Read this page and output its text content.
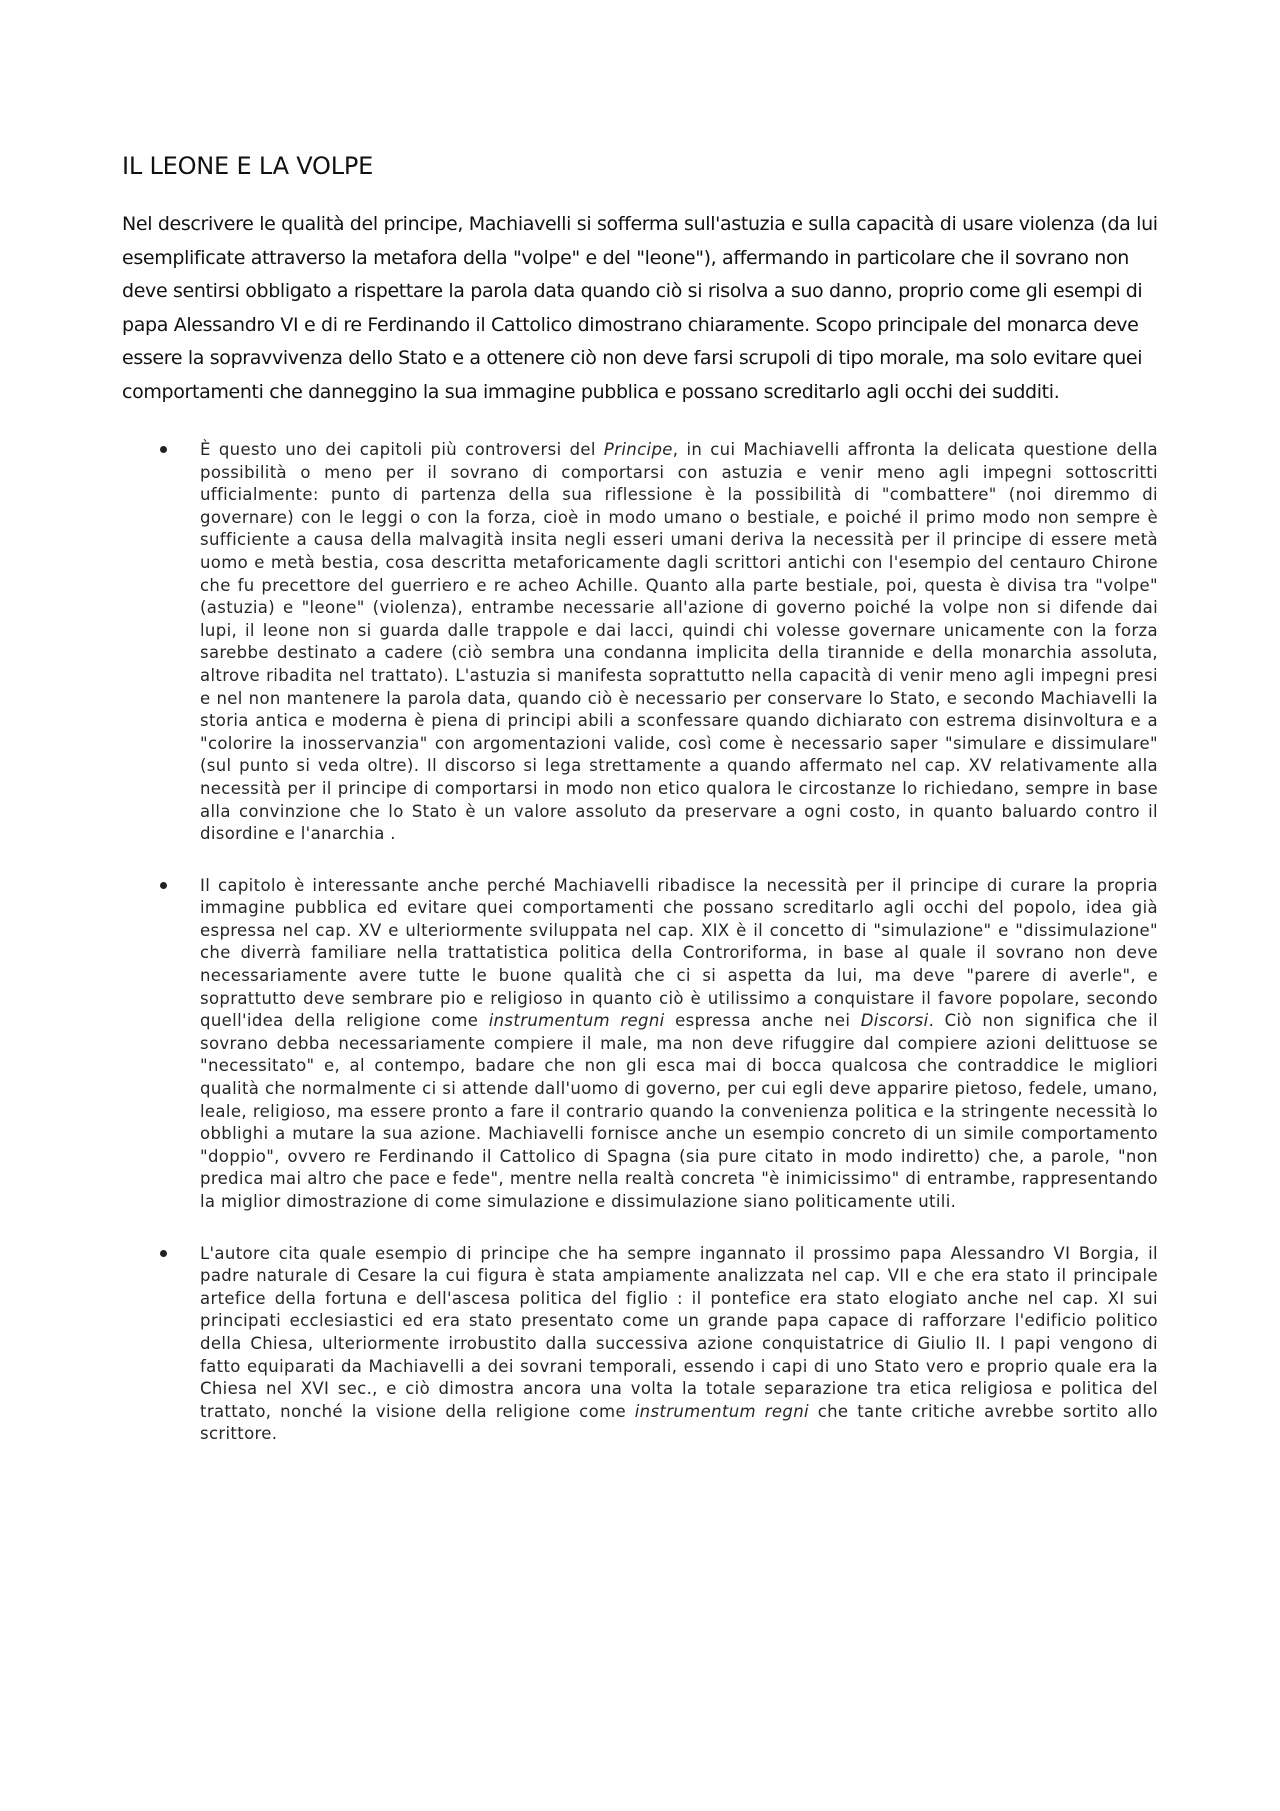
IL LEONE E LA VOLPE

Nel descrivere le qualità del principe, Machiavelli si sofferma sull'astuzia e sulla capacità di usare violenza (da lui esemplificate attraverso la metafora della "volpe" e del "leone"), affermando in particolare che il sovrano non deve sentirsi obbligato a rispettare la parola data quando ciò si risolva a suo danno, proprio come gli esempi di papa Alessandro VI e di re Ferdinando il Cattolico dimostrano chiaramente. Scopo principale del monarca deve essere la sopravvivenza dello Stato e a ottenere ciò non deve farsi scrupoli di tipo morale, ma solo evitare quei comportamenti che danneggino la sua immagine pubblica e possano screditarlo agli occhi dei sudditi.

È questo uno dei capitoli più controversi del Principe, in cui Machiavelli affronta la delicata questione della possibilità o meno per il sovrano di comportarsi con astuzia e venir meno agli impegni sottoscritti ufficialmente: punto di partenza della sua riflessione è la possibilità di "combattere" (noi diremmo di governare) con le leggi o con la forza, cioè in modo umano o bestiale, e poiché il primo modo non sempre è sufficiente a causa della malvagità insita negli esseri umani deriva la necessità per il principe di essere metà uomo e metà bestia, cosa descritta metaforicamente dagli scrittori antichi con l'esempio del centauro Chirone che fu precettore del guerriero e re acheo Achille. Quanto alla parte bestiale, poi, questa è divisa tra "volpe" (astuzia) e "leone" (violenza), entrambe necessarie all'azione di governo poiché la volpe non si difende dai lupi, il leone non si guarda dalle trappole e dai lacci, quindi chi volesse governare unicamente con la forza sarebbe destinato a cadere (ciò sembra una condanna implicita della tirannide e della monarchia assoluta, altrove ribadita nel trattato). L'astuzia si manifesta soprattutto nella capacità di venir meno agli impegni presi e nel non mantenere la parola data, quando ciò è necessario per conservare lo Stato, e secondo Machiavelli la storia antica e moderna è piena di principi abili a sconfessare quando dichiarato con estrema disinvoltura e a "colorire la inosservanzia" con argomentazioni valide, così come è necessario saper "simulare e dissimulare" (sul punto si veda oltre). Il discorso si lega strettamente a quando affermato nel cap. XV relativamente alla necessità per il principe di comportarsi in modo non etico qualora le circostanze lo richiedano, sempre in base alla convinzione che lo Stato è un valore assoluto da preservare a ogni costo, in quanto baluardo contro il disordine e l'anarchia .

Il capitolo è interessante anche perché Machiavelli ribadisce la necessità per il principe di curare la propria immagine pubblica ed evitare quei comportamenti che possano screditarlo agli occhi del popolo, idea già espressa nel cap. XV e ulteriormente sviluppata nel cap. XIX è il concetto di "simulazione" e "dissimulazione" che diverrà familiare nella trattatistica politica della Controriforma, in base al quale il sovrano non deve necessariamente avere tutte le buone qualità che ci si aspetta da lui, ma deve "parere di averle", e soprattutto deve sembrare pio e religioso in quanto ciò è utilissimo a conquistare il favore popolare, secondo quell'idea della religione come instrumentum regni espressa anche nei Discorsi. Ciò non significa che il sovrano debba necessariamente compiere il male, ma non deve rifuggire dal compiere azioni delittuose se "necessitato" e, al contempo, badare che non gli esca mai di bocca qualcosa che contraddice le migliori qualità che normalmente ci si attende dall'uomo di governo, per cui egli deve apparire pietoso, fedele, umano, leale, religioso, ma essere pronto a fare il contrario quando la convenienza politica e la stringente necessità lo obblighi a mutare la sua azione. Machiavelli fornisce anche un esempio concreto di un simile comportamento "doppio", ovvero re Ferdinando il Cattolico di Spagna (sia pure citato in modo indiretto) che, a parole, "non predica mai altro che pace e fede", mentre nella realtà concreta "è inimicissimo" di entrambe, rappresentando la miglior dimostrazione di come simulazione e dissimulazione siano politicamente utili.

L'autore cita quale esempio di principe che ha sempre ingannato il prossimo papa Alessandro VI Borgia, il padre naturale di Cesare la cui figura è stata ampiamente analizzata nel cap. VII e che era stato il principale artefice della fortuna e dell'ascesa politica del figlio : il pontefice era stato elogiato anche nel cap. XI sui principati ecclesiastici ed era stato presentato come un grande papa capace di rafforzare l'edificio politico della Chiesa, ulteriormente irrobustito dalla successiva azione conquistatrice di Giulio II. I papi vengono di fatto equiparati da Machiavelli a dei sovrani temporali, essendo i capi di uno Stato vero e proprio quale era la Chiesa nel XVI sec., e ciò dimostra ancora una volta la totale separazione tra etica religiosa e politica del trattato, nonché la visione della religione come instrumentum regni che tante critiche avrebbe sortito allo scrittore.
